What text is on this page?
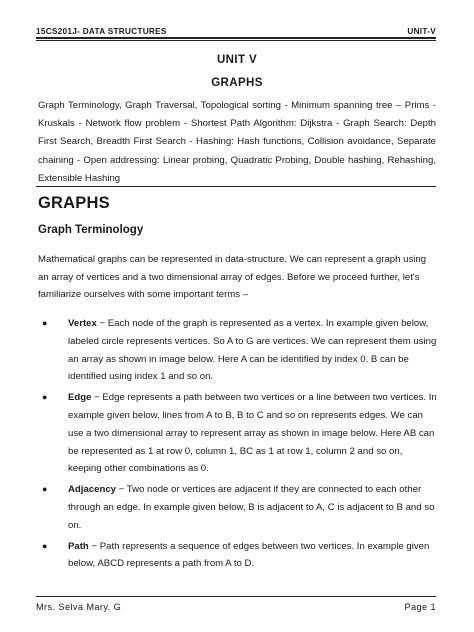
15CS201J- DATA STRUCTURES	UNIT-V
UNIT V
GRAPHS

Graph Terminology, Graph Traversal, Topological sorting - Minimum spanning tree – Prims - Kruskals - Network flow problem - Shortest Path Algorithm: Dijkstra - Graph Search: Depth First Search, Breadth First Search - Hashing: Hash functions, Collision avoidance, Separate chaining - Open addressing: Linear probing, Quadratic Probing, Double hashing, Rehashing, Extensible Hashing

GRAPHS
Graph Terminology

Mathematical graphs can be represented in data-structure. We can represent a graph using an array of vertices and a two dimensional array of edges. Before we proceed further, let's familiarize ourselves with some important terms –

● Vertex − Each node of the graph is represented as a vertex. In example given below, labeled circle represents vertices. So A to G are vertices. We can represent them using an array as shown in image below. Here A can be identified by index 0. B can be identified using index 1 and so on.
● Edge − Edge represents a path between two vertices or a line between two vertices. In example given below, lines from A to B, B to C and so on represents edges. We can use a two dimensional array to represent array as shown in image below. Here AB can be represented as 1 at row 0, column 1, BC as 1 at row 1, column 2 and so on, keeping other combinations as 0.
● Adjacency − Two node or vertices are adjacent if they are connected to each other through an edge. In example given below, B is adjacent to A, C is adjacent to B and so on.
● Path − Path represents a sequence of edges between two vertices. In example given below, ABCD represents a path from A to D.
Mrs. Selva Mary. G	Page 1
